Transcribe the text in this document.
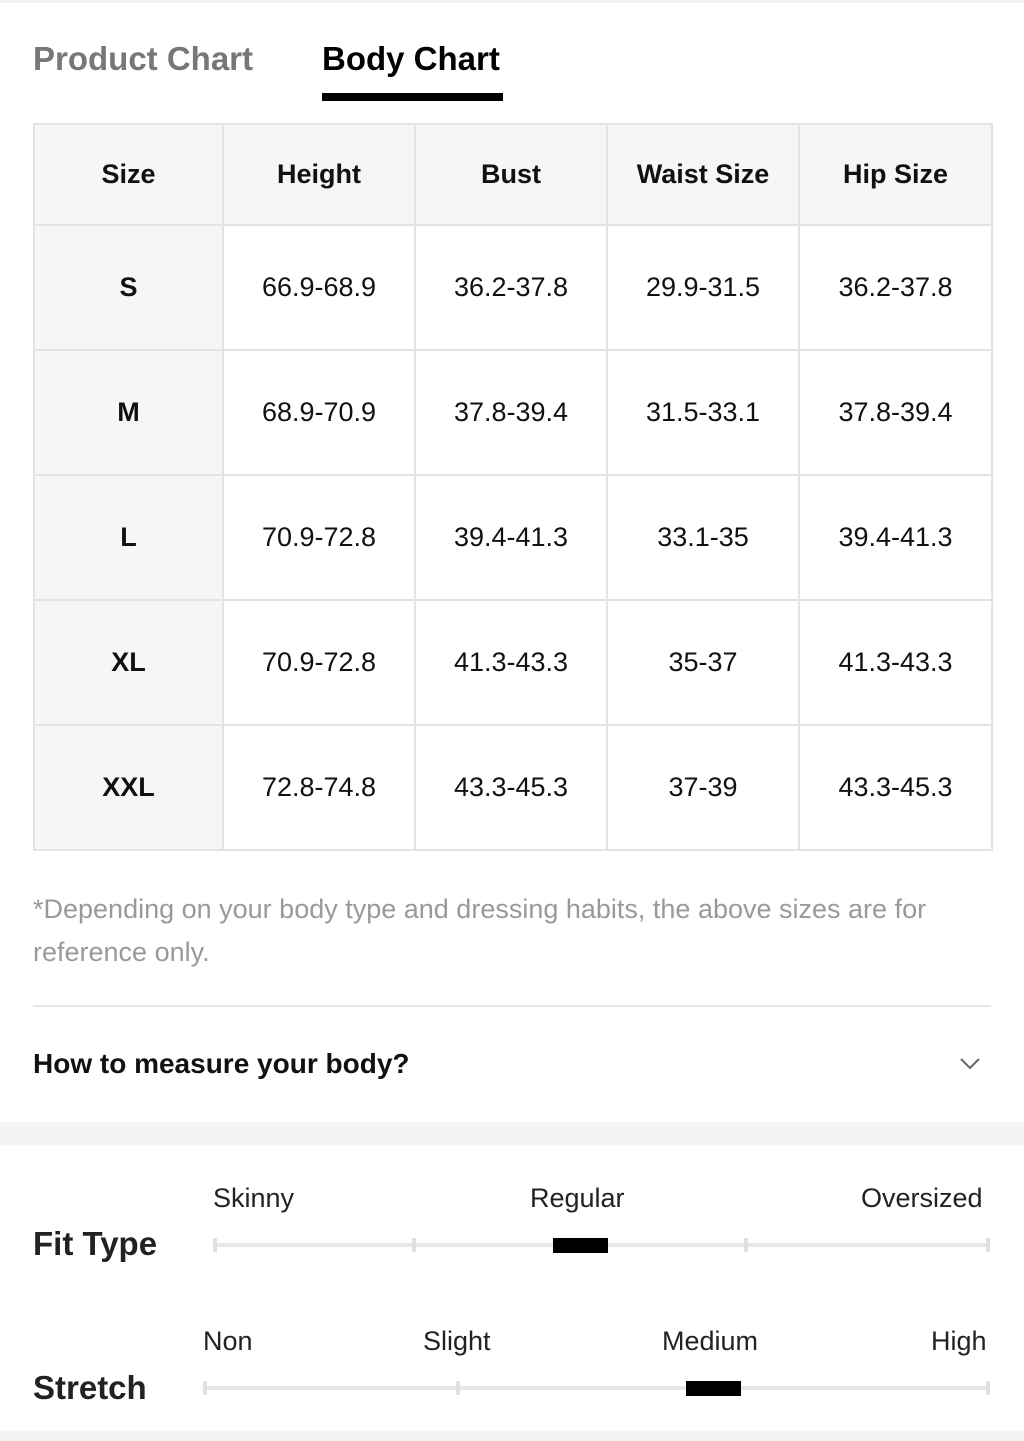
Product Chart Body Chart
Size	Height	Bust	Waist Size	Hip Size
S	66.9-68.9	36.2-37.8	29.9-31.5	36.2-37.8
M	68.9-70.9	37.8-39.4	31.5-33.1	37.8-39.4
L	70.9-72.8	39.4-41.3	33.1-35	39.4-41.3
XL	70.9-72.8	41.3-43.3	35-37	41.3-43.3
XXL	72.8-74.8	43.3-45.3	37-39	43.3-45.3
*Depending on your body type and dressing habits, the above sizes are for reference only.
How to measure your body?
Fit Type
Skinny	Regular	Oversized
Stretch
Non	Slight	Medium	High
